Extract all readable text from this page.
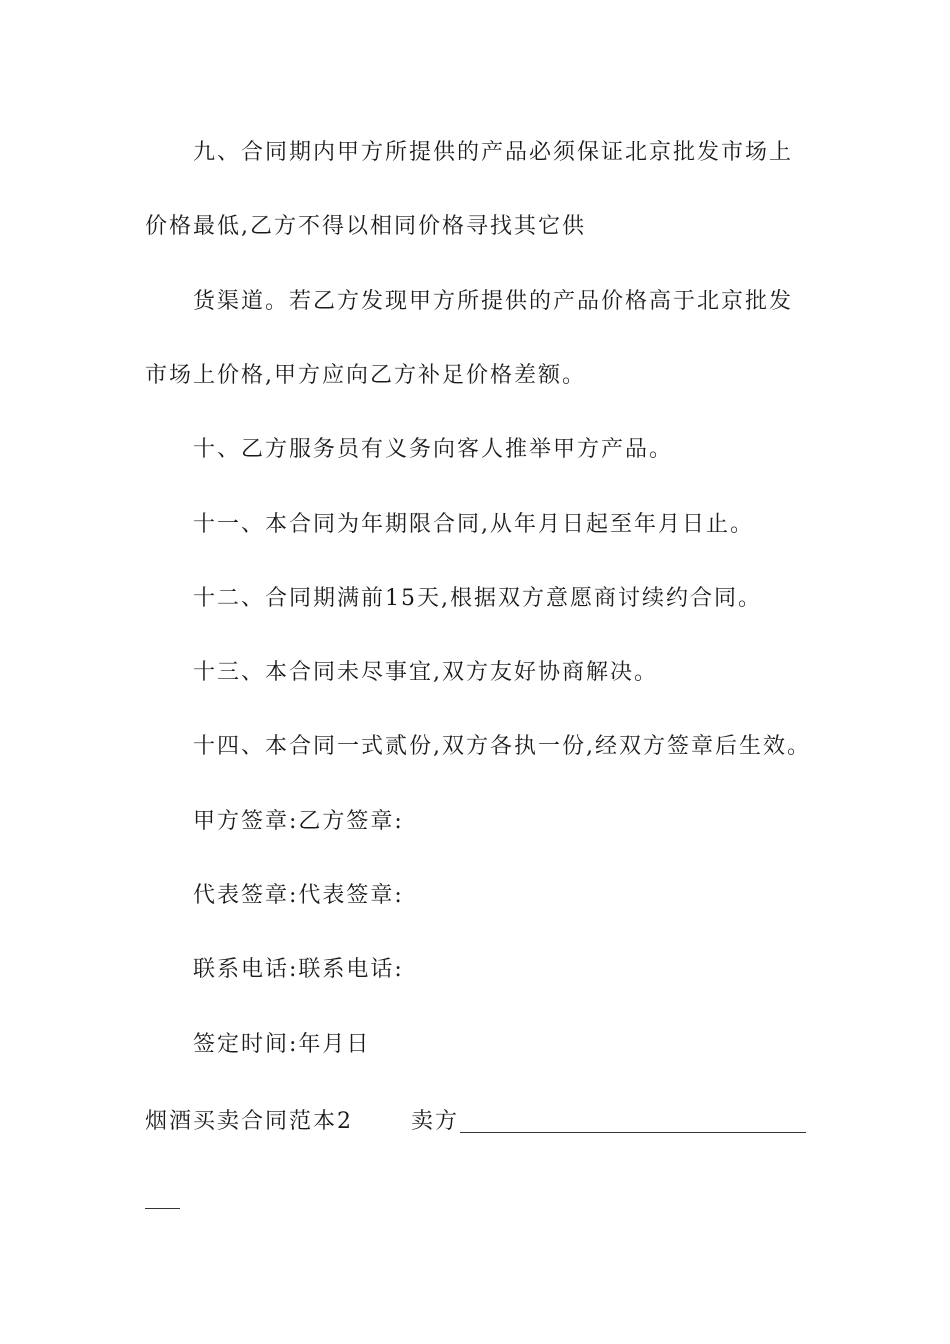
九、合同期内甲方所提供的产品必须保证北京批发市场上
价格最低,乙方不得以相同价格寻找其它供
货渠道。若乙方发现甲方所提供的产品价格高于北京批发
市场上价格,甲方应向乙方补足价格差额。
十、乙方服务员有义务向客人推举甲方产品。
十一、本合同为年期限合同,从年月日起至年月日止。
十二、合同期满前15天,根据双方意愿商讨续约合同。
十三、本合同未尽事宜,双方友好协商解决。
十四、本合同一式贰份,双方各执一份,经双方签章后生效。
甲方签章:乙方签章:
代表签章:代表签章:
联系电话:联系电话:
签定时间:年月日
烟酒买卖合同范本2	卖方
